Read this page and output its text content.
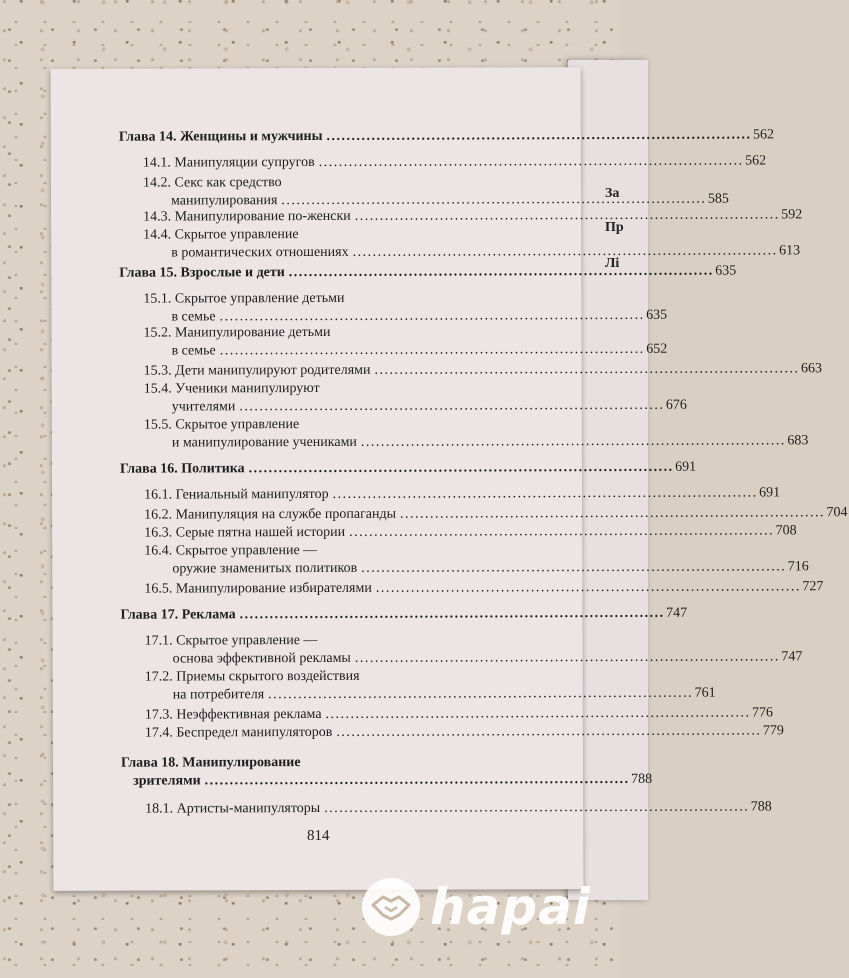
За
Пр
Лі
814
Глава 14. Женщины и мужчины . . .	562
14.1. Манипуляции супругов . . .	562
14.2. Секс как средство
манипулирования . . .	585
14.3. Манипулирование по-женски . . .	592
14.4. Скрытое управление
в романтических отношениях . . .	613
Глава 15. Взрослые и дети . . .	635
15.1. Скрытое управление детьми
в семье . . .	635
15.2. Манипулирование детьми
в семье . . .	652
15.3. Дети манипулируют родителями . . .	663
15.4. Ученики манипулируют
учителями . . .	676
15.5. Скрытое управление
и манипулирование учениками . . .	683
Глава 16. Политика . . .	691
16.1. Гениальный манипулятор . . .	691
16.2. Манипуляция на службе пропаганды . . .	704
16.3. Серые пятна нашей истории . . .	708
16.4. Скрытое управление —
оружие знаменитых политиков . . .	716
16.5. Манипулирование избирателями . . .	727
Глава 17. Реклама . . .	747
17.1. Скрытое управление —
основа эффективной рекламы . . .	747
17.2. Приемы скрытого воздействия
на потребителя . . .	761
17.3. Неэффективная реклама . . .	776
17.4. Беспредел манипуляторов . . .	779
Глава 18. Манипулирование
зрителями . . .	788
18.1. Артисты-манипуляторы . . .	788
hapai
